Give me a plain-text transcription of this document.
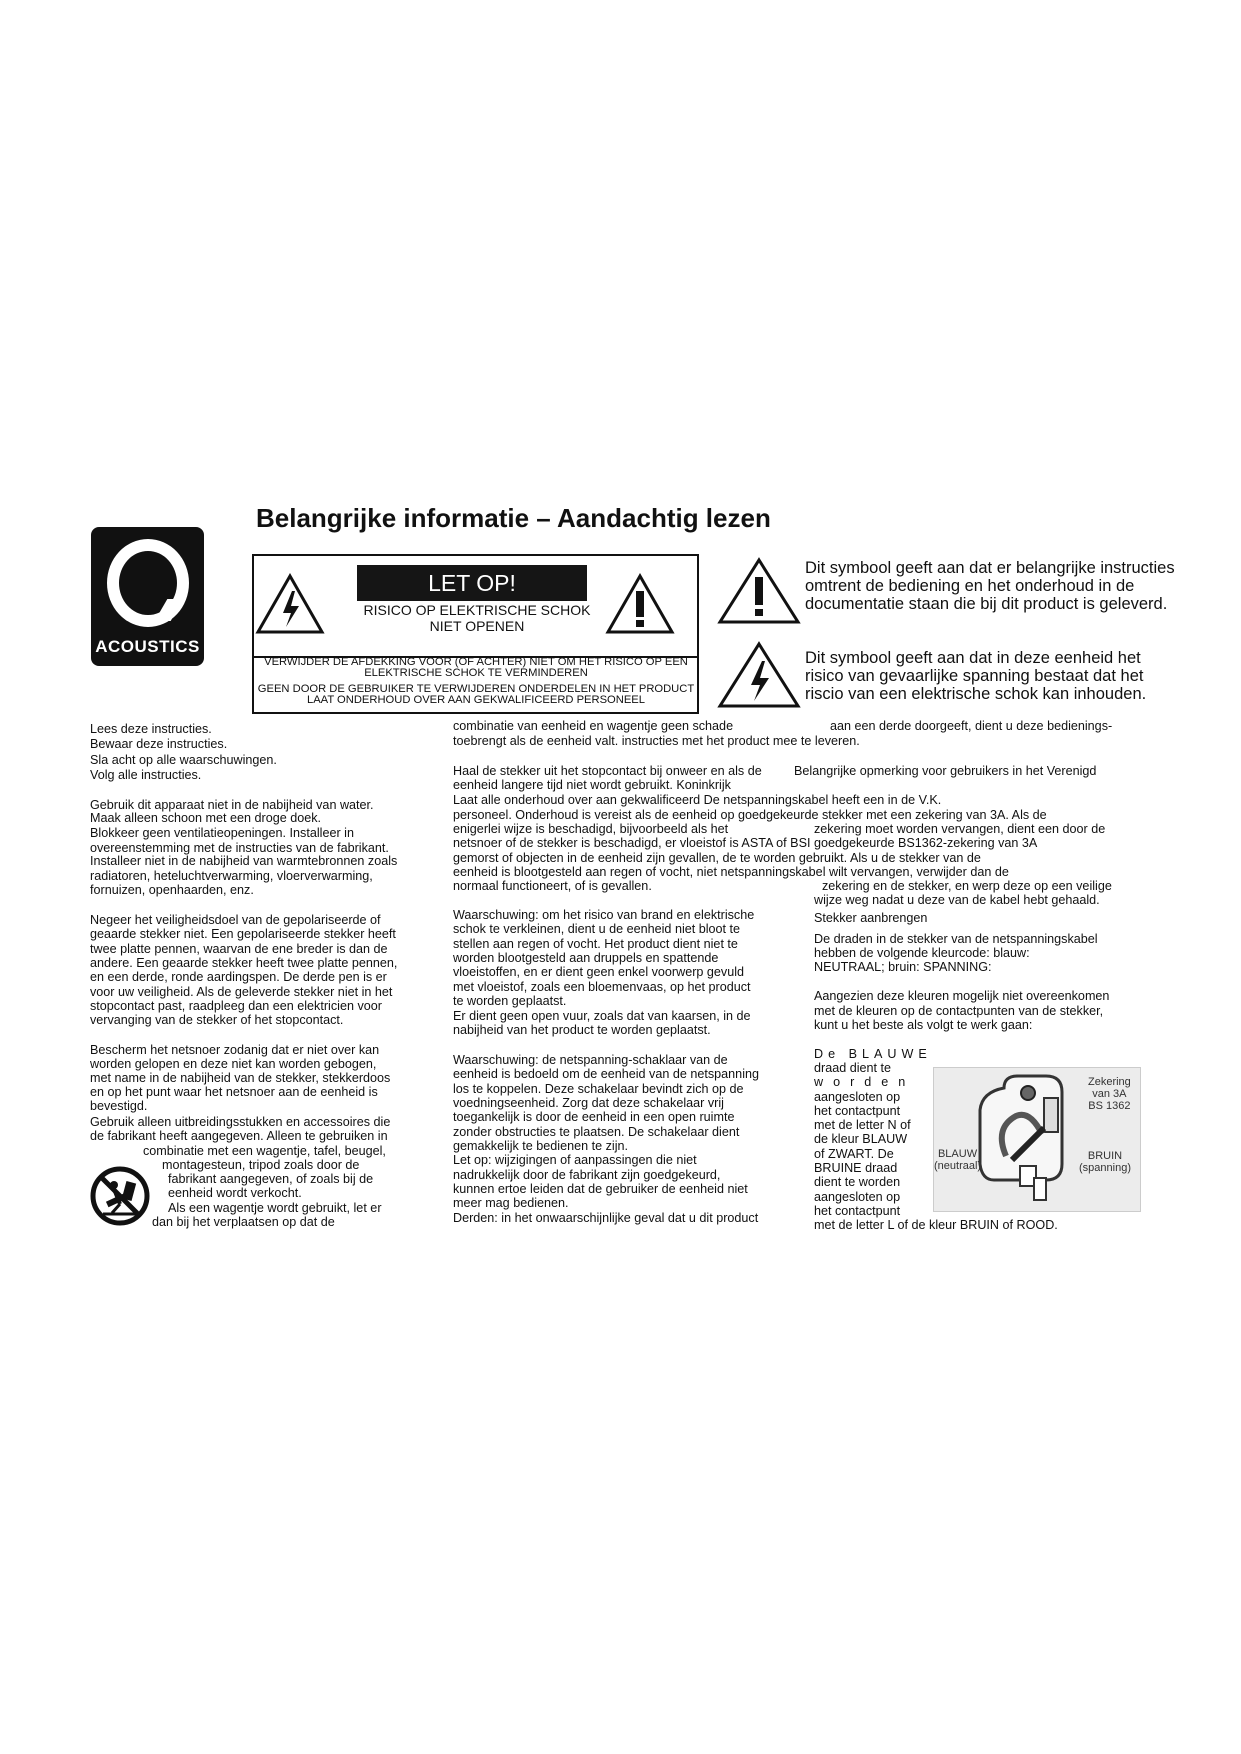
Belangrijke informatie – Aandachtig lezen
ACOUSTICS
LET OP!
RISICO OP ELEKTRISCHE SCHOK
NIET OPENEN
VERWIJDER DE AFDEKKING VOOR (OF ACHTER) NIET OM HET RISICO OP EEN
ELEKTRISCHE SCHOK TE VERMINDEREN
GEEN DOOR DE GEBRUIKER TE VERWIJDEREN ONDERDELEN IN HET PRODUCT
LAAT ONDERHOUD OVER AAN GEKWALIFICEERD PERSONEEL
Dit symbool geeft aan dat er belangrijke instructies
omtrent de bediening en het onderhoud in de
documentatie staan die bij dit product is geleverd.
Dit symbool geeft aan dat in deze eenheid het
risico van gevaarlijke spanning bestaat dat het
riscio van een elektrische schok kan inhouden.
Lees deze instructies.
Bewaar deze instructies.
Sla acht op alle waarschuwingen.
Volg alle instructies.
Gebruik dit apparaat niet in de nabijheid van water.
Maak alleen schoon met een droge doek.
Blokkeer geen ventilatieopeningen. Installeer in
overeenstemming met de instructies van de fabrikant.
Installeer niet in de nabijheid van warmtebronnen zoals
radiatoren, heteluchtverwarming, vloerverwarming,
fornuizen, openhaarden, enz.
Negeer het veiligheidsdoel van de gepolariseerde of
geaarde stekker niet. Een gepolariseerde stekker heeft
twee platte pennen, waarvan de ene breder is dan de
andere. Een geaarde stekker heeft twee platte pennen,
en een derde, ronde aardingspen. De derde pen is er
voor uw veiligheid. Als de geleverde stekker niet in het
stopcontact past, raadpleeg dan een elektricien voor
vervanging van de stekker of het stopcontact.
Bescherm het netsnoer zodanig dat er niet over kan
worden gelopen en deze niet kan worden gebogen,
met name in de nabijheid van de stekker, stekkerdoos
en op het punt waar het netsnoer aan de eenheid is
bevestigd.
Gebruik alleen uitbreidingsstukken en accessoires die
de fabrikant heeft aangegeven. Alleen te gebruiken in
combinatie met een wagentje, tafel, beugel,
montagesteun, tripod zoals door de
fabrikant aangegeven, of zoals bij de
eenheid wordt verkocht.
Als een wagentje wordt gebruikt, let er
dan bij het verplaatsen op dat de
combinatie van eenheid en wagentje geen schade
toebrengt als de eenheid valt. instructies met het product mee te leveren.
Haal de stekker uit het stopcontact bij onweer en als de
eenheid langere tijd niet wordt gebruikt. Koninkrijk
Laat alle onderhoud over aan gekwalificeerd De netspanningskabel heeft een in de V.K.
personeel. Onderhoud is vereist als de eenheid op goedgekeurde stekker met een zekering van 3A. Als de
enigerlei wijze is beschadigd, bijvoorbeeld als het
netsnoer of de stekker is beschadigd, er vloeistof is ASTA of BSI goedgekeurde BS1362-zekering van 3A
gemorst of objecten in de eenheid zijn gevallen, de te worden gebruikt. Als u de stekker van de
eenheid is blootgesteld aan regen of vocht, niet netspanningskabel wilt vervangen, verwijder dan de
normaal functioneert, of is gevallen.
Waarschuwing: om het risico van brand en elektrische
schok te verkleinen, dient u de eenheid niet bloot te
stellen aan regen of vocht. Het product dient niet te
worden blootgesteld aan druppels en spattende
vloeistoffen, en er dient geen enkel voorwerp gevuld
met vloeistof, zoals een bloemenvaas, op het product
te worden geplaatst.
Er dient geen open vuur, zoals dat van kaarsen, in de
nabijheid van het product te worden geplaatst.
Waarschuwing: de netspanning-schaklaar van de
eenheid is bedoeld om de eenheid van de netspanning
los te koppelen. Deze schakelaar bevindt zich op de
voedningseenheid. Zorg dat deze schakelaar vrij
toegankelijk is door de eenheid in een open ruimte
zonder obstructies te plaatsen. De schakelaar dient
gemakkelijk te bedienen te zijn.
Let op: wijzigingen of aanpassingen die niet
nadrukkelijk door de fabrikant zijn goedgekeurd,
kunnen ertoe leiden dat de gebruiker de eenheid niet
meer mag bedienen.
Derden: in het onwaarschijnlijke geval dat u dit product
aan een derde doorgeeft, dient u deze bedienings-
Belangrijke opmerking voor gebruikers in het Verenigd
zekering moet worden vervangen, dient een door de
zekering en de stekker, en werp deze op een veilige
wijze weg nadat u deze van de kabel hebt gehaald.
Stekker aanbrengen
De draden in de stekker van de netspanningskabel
hebben de volgende kleurcode: blauw:
NEUTRAAL; bruin: SPANNING:
Aangezien deze kleuren mogelijk niet overeenkomen
met de kleuren op de contactpunten van de stekker,
kunt u het beste als volgt te werk gaan:
De BLAUWE
draad dient te
worden
aangesloten op
het contactpunt
met de letter N of
de kleur BLAUW
of ZWART. De
BRUINE draad
dient te worden
aangesloten op
het contactpunt
met de letter L of de kleur BRUIN of ROOD.
Zekering
van 3A
BS 1362
BLAUW
(neutraal)
BRUIN
(spanning)
